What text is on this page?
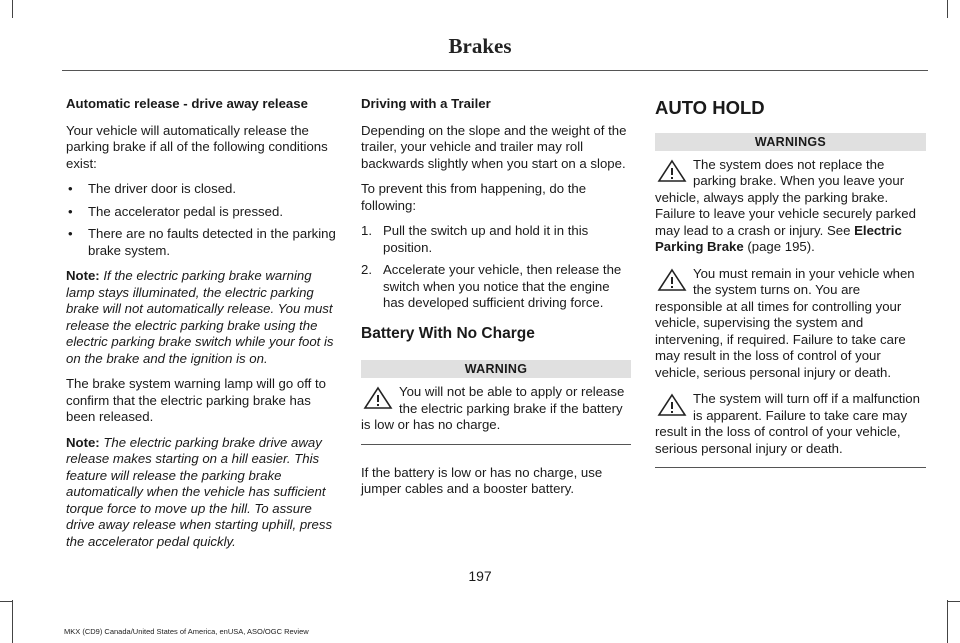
Brakes
Automatic release - drive away release
Your vehicle will automatically release the parking brake if all of the following conditions exist:
• The driver door is closed.
• The accelerator pedal is pressed.
• There are no faults detected in the parking brake system.
Note: If the electric parking brake warning lamp stays illuminated, the electric parking brake will not automatically release. You must release the electric parking brake using the electric parking brake switch while your foot is on the brake and the ignition is on.
The brake system warning lamp will go off to confirm that the electric parking brake has been released.
Note: The electric parking brake drive away release makes starting on a hill easier. This feature will release the parking brake automatically when the vehicle has sufficient torque force to move up the hill. To assure drive away release when starting uphill, press the accelerator pedal quickly.
Driving with a Trailer
Depending on the slope and the weight of the trailer, your vehicle and trailer may roll backwards slightly when you start on a slope.
To prevent this from happening, do the following:
1. Pull the switch up and hold it in this position.
2. Accelerate your vehicle, then release the switch when you notice that the engine has developed sufficient driving force.
Battery With No Charge
WARNING
You will not be able to apply or release the electric parking brake if the battery is low or has no charge.
If the battery is low or has no charge, use jumper cables and a booster battery.
AUTO HOLD
WARNINGS
The system does not replace the parking brake. When you leave your vehicle, always apply the parking brake. Failure to leave your vehicle securely parked may lead to a crash or injury. See Electric Parking Brake (page 195).
You must remain in your vehicle when the system turns on. You are responsible at all times for controlling your vehicle, supervising the system and intervening, if required. Failure to take care may result in the loss of control of your vehicle, serious personal injury or death.
The system will turn off if a malfunction is apparent. Failure to take care may result in the loss of control of your vehicle, serious personal injury or death.
197
MKX (CD9) Canada/United States of America, enUSA, ASO/OGC Review
